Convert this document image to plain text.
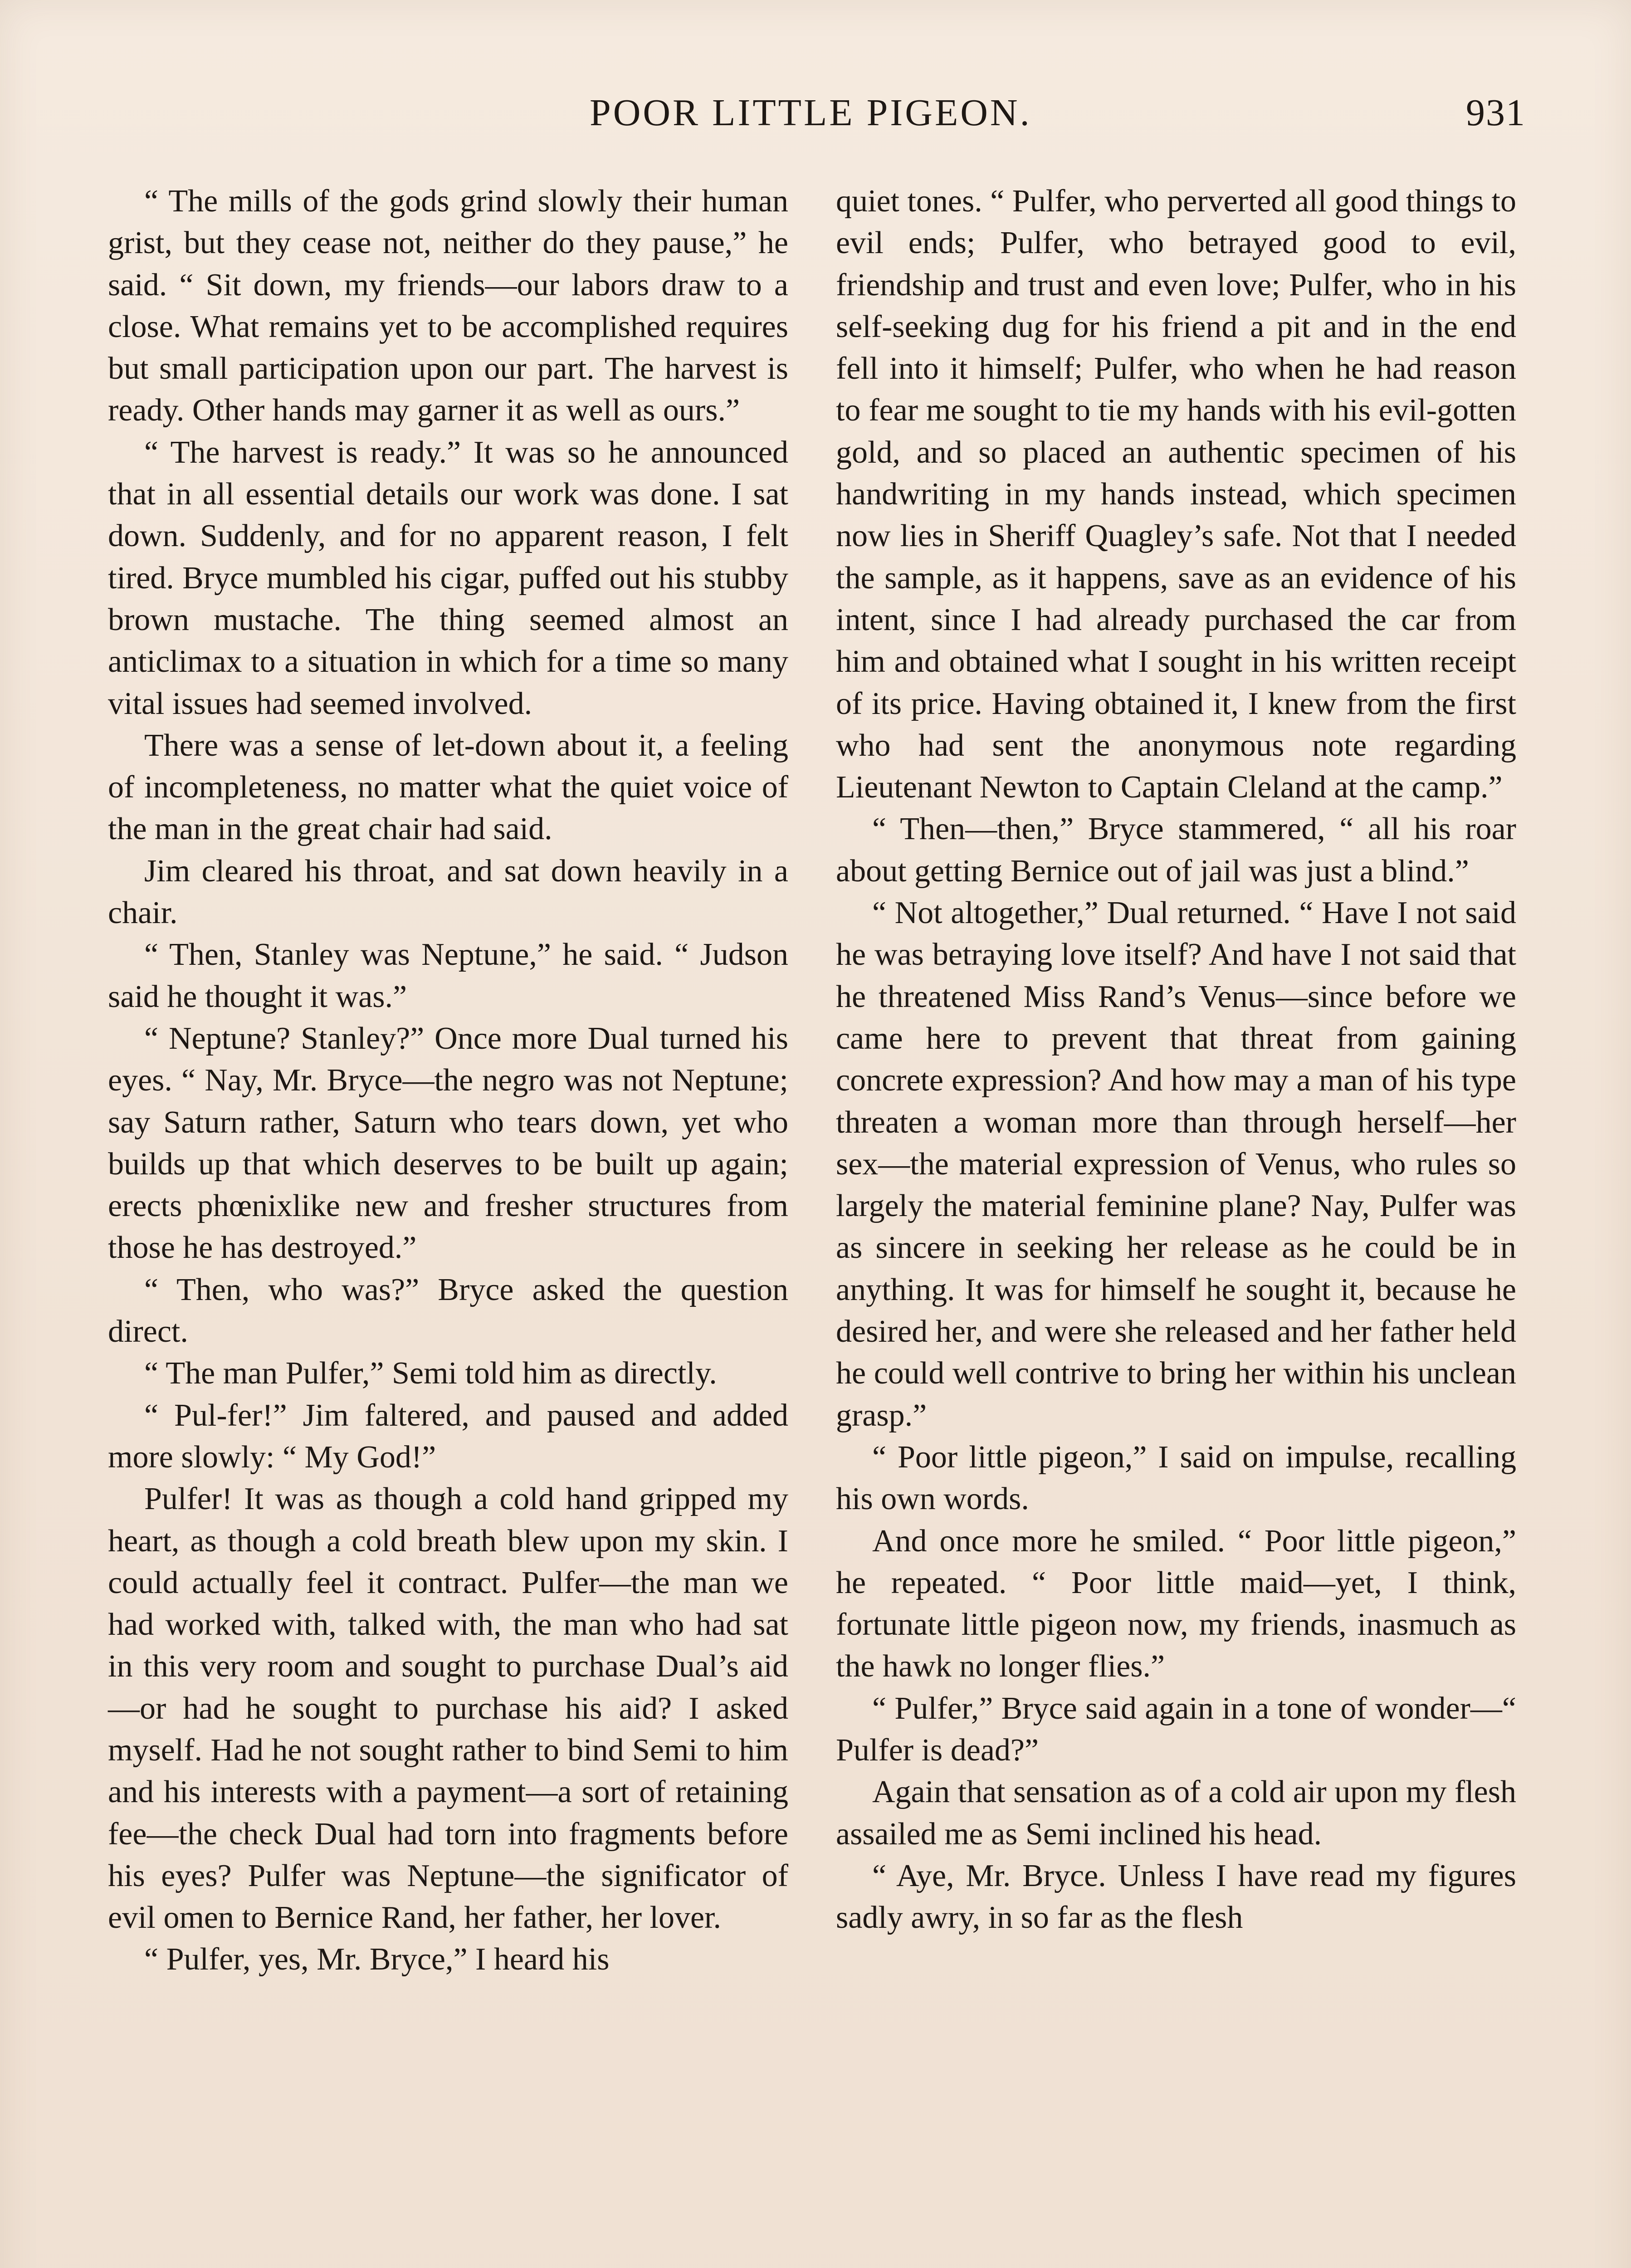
POOR LITTLE PIGEON.	931

“ The mills of the gods grind slowly their human grist, but they cease not, neither do they pause,” he said. “ Sit down, my friends—our labors draw to a close. What remains yet to be accomplished requires but small participation upon our part. The harvest is ready. Other hands may garner it as well as ours.”

“ The harvest is ready.” It was so he announced that in all essential details our work was done. I sat down. Suddenly, and for no apparent reason, I felt tired. Bryce mumbled his cigar, puffed out his stubby brown mustache. The thing seemed almost an anticlimax to a situation in which for a time so many vital issues had seemed involved.

There was a sense of let-down about it, a feeling of incompleteness, no matter what the quiet voice of the man in the great chair had said.

Jim cleared his throat, and sat down heavily in a chair.

“ Then, Stanley was Neptune,” he said. “ Judson said he thought it was.”

“ Neptune? Stanley?” Once more Dual turned his eyes. “ Nay, Mr. Bryce—the negro was not Neptune; say Saturn rather, Saturn who tears down, yet who builds up that which deserves to be built up again; erects phœnixlike new and fresher structures from those he has destroyed.”

“ Then, who was?” Bryce asked the question direct.

“ The man Pulfer,” Semi told him as directly.

“ Pul-fer!” Jim faltered, and paused and added more slowly: “ My God!”

Pulfer! It was as though a cold hand gripped my heart, as though a cold breath blew upon my skin. I could actually feel it contract. Pulfer—the man we had worked with, talked with, the man who had sat in this very room and sought to purchase Dual’s aid—or had he sought to purchase his aid? I asked myself. Had he not sought rather to bind Semi to him and his interests with a payment—a sort of retaining fee—the check Dual had torn into fragments before his eyes? Pulfer was Neptune—the significator of evil omen to Bernice Rand, her father, her lover.

“ Pulfer, yes, Mr. Bryce,” I heard his

quiet tones. “ Pulfer, who perverted all good things to evil ends; Pulfer, who betrayed good to evil, friendship and trust and even love; Pulfer, who in his self-seeking dug for his friend a pit and in the end fell into it himself; Pulfer, who when he had reason to fear me sought to tie my hands with his evil-gotten gold, and so placed an authentic specimen of his handwriting in my hands instead, which specimen now lies in Sheriff Quagley’s safe. Not that I needed the sample, as it happens, save as an evidence of his intent, since I had already purchased the car from him and obtained what I sought in his written receipt of its price. Having obtained it, I knew from the first who had sent the anonymous note regarding Lieutenant Newton to Captain Cleland at the camp.”

“ Then—then,” Bryce stammered, “ all his roar about getting Bernice out of jail was just a blind.”

“ Not altogether,” Dual returned. “ Have I not said he was betraying love itself? And have I not said that he threatened Miss Rand’s Venus—since before we came here to prevent that threat from gaining concrete expression? And how may a man of his type threaten a woman more than through herself—her sex—the material expression of Venus, who rules so largely the material feminine plane? Nay, Pulfer was as sincere in seeking her release as he could be in anything. It was for himself he sought it, because he desired her, and were she released and her father held he could well contrive to bring her within his unclean grasp.”

“ Poor little pigeon,” I said on impulse, recalling his own words.

And once more he smiled. “ Poor little pigeon,” he repeated. “ Poor little maid—yet, I think, fortunate little pigeon now, my friends, inasmuch as the hawk no longer flies.”

“ Pulfer,” Bryce said again in a tone of wonder—“ Pulfer is dead?”

Again that sensation as of a cold air upon my flesh assailed me as Semi inclined his head.

“ Aye, Mr. Bryce. Unless I have read my figures sadly awry, in so far as the flesh
